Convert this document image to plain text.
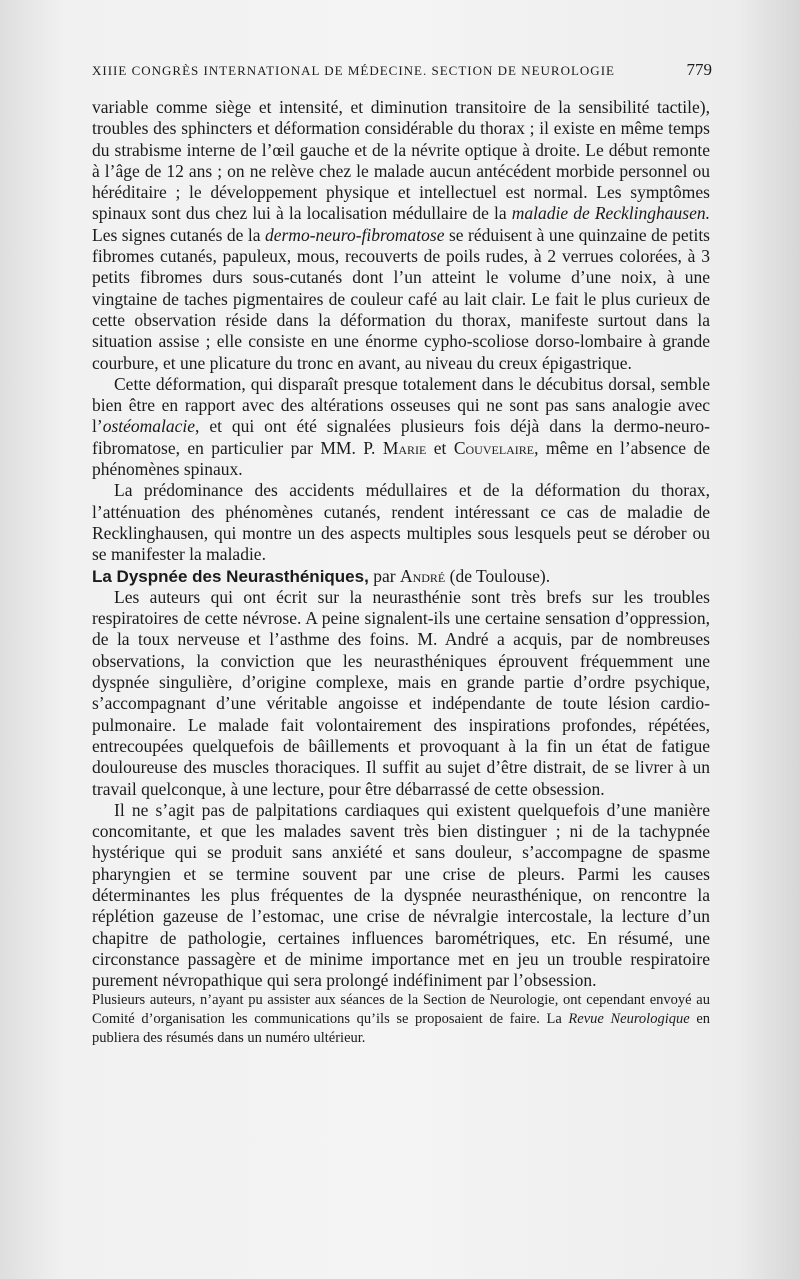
XIIIE CONGRÈS INTERNATIONAL DE MÉDECINE. SECTION DE NEUROLOGIE	779

variable comme siège et intensité, et diminution transitoire de la sensibilité tactile), troubles des sphincters et déformation considérable du thorax ; il existe en même temps du strabisme interne de l’œil gauche et de la névrite optique à droite. Le début remonte à l’âge de 12 ans ; on ne relève chez le malade aucun antécédent morbide personnel ou héréditaire ; le développement physique et intellectuel est normal. Les symptômes spinaux sont dus chez lui à la localisation médullaire de la maladie de Recklinghausen. Les signes cutanés de la dermo-neuro-fibromatose se réduisent à une quinzaine de petits fibromes cutanés, papuleux, mous, recouverts de poils rudes, à 2 verrues colorées, à 3 petits fibromes durs sous-cutanés dont l’un atteint le volume d’une noix, à une vingtaine de taches pigmentaires de couleur café au lait clair. Le fait le plus curieux de cette observation réside dans la déformation du thorax, manifeste surtout dans la situation assise ; elle consiste en une énorme cypho-scoliose dorso-lombaire à grande courbure, et une plicature du tronc en avant, au niveau du creux épigastrique.

Cette déformation, qui disparaît presque totalement dans le décubitus dorsal, semble bien être en rapport avec des altérations osseuses qui ne sont pas sans analogie avec l’ostéomalacie, et qui ont été signalées plusieurs fois déjà dans la dermo-neuro-fibromatose, en particulier par MM. P. Marie et Couvelaire, même en l’absence de phénomènes spinaux.

La prédominance des accidents médullaires et de la déformation du thorax, l’atténuation des phénomènes cutanés, rendent intéressant ce cas de maladie de Recklinghausen, qui montre un des aspects multiples sous lesquels peut se dérober ou se manifester la maladie.

La Dyspnée des Neurasthéniques, par André (de Toulouse).

Les auteurs qui ont écrit sur la neurasthénie sont très brefs sur les troubles respiratoires de cette névrose. A peine signalent-ils une certaine sensation d’oppression, de la toux nerveuse et l’asthme des foins. M. André a acquis, par de nombreuses observations, la conviction que les neurasthéniques éprouvent fréquemment une dyspnée singulière, d’origine complexe, mais en grande partie d’ordre psychique, s’accompagnant d’une véritable angoisse et indépendante de toute lésion cardio-pulmonaire. Le malade fait volontairement des inspirations profondes, répétées, entrecoupées quelquefois de bâillements et provoquant à la fin un état de fatigue douloureuse des muscles thoraciques. Il suffit au sujet d’être distrait, de se livrer à un travail quelconque, à une lecture, pour être débarrassé de cette obsession.

Il ne s’agit pas de palpitations cardiaques qui existent quelquefois d’une manière concomitante, et que les malades savent très bien distinguer ; ni de la tachypnée hystérique qui se produit sans anxiété et sans douleur, s’accompagne de spasme pharyngien et se termine souvent par une crise de pleurs. Parmi les causes déterminantes les plus fréquentes de la dyspnée neurasthénique, on rencontre la réplétion gazeuse de l’estomac, une crise de névralgie intercostale, la lecture d’un chapitre de pathologie, certaines influences barométriques, etc. En résumé, une circonstance passagère et de minime importance met en jeu un trouble respiratoire purement névropathique qui sera prolongé indéfiniment par l’obsession.

Plusieurs auteurs, n’ayant pu assister aux séances de la Section de Neurologie, ont cependant envoyé au Comité d’organisation les communications qu’ils se proposaient de faire. La Revue Neurologique en publiera des résumés dans un numéro ultérieur.
